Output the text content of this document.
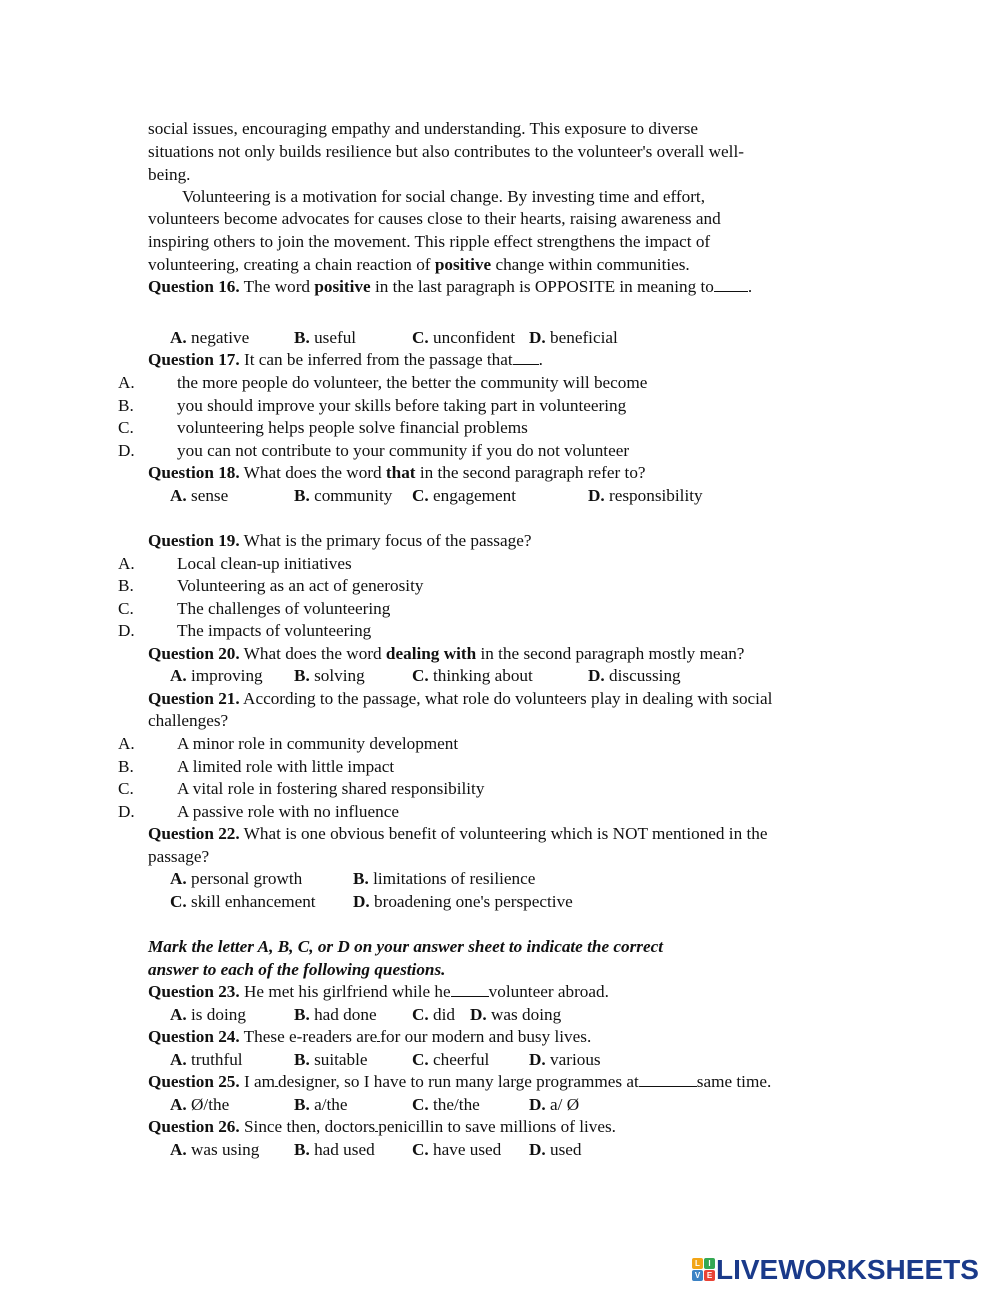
social issues, encouraging empathy and understanding. This exposure to diverse
situations not only builds resilience but also contributes to the volunteer's overall well-
being.
Volunteering is a motivation for social change. By investing time and effort,
volunteers become advocates for causes close to their hearts, raising awareness and
inspiring others to join the movement. This ripple effect strengthens the impact of
volunteering, creating a chain reaction of positive change within communities.
Question 16. The word positive in the last paragraph is OPPOSITE in meaning to .
A. negative	B. useful	C. unconfident D. beneficial
Question 17. It can be inferred from the passage that .
A. the more people do volunteer, the better the community will become
B.	you should improve your skills before taking part in volunteering
C.	volunteering helps people solve financial problems
D. you can not contribute to your community if you do not volunteer
Question 18. What does the word that in the second paragraph refer to?
A. sense	B. community C. engagement	D. responsibility
Question 19. What is the primary focus of the passage?
A. Local clean-up initiatives
B.	Volunteering as an act of generosity
C.	The challenges of volunteering
D. The impacts of volunteering
Question 20. What does the word dealing with in the second paragraph mostly mean?
A. improving B. solving	C. thinking about	D. discussing
Question 21. According to the passage, what role do volunteers play in dealing with social
challenges?
A. A minor role in community development
B.	A limited role with little impact
C.	A vital role in fostering shared responsibility
D. A passive role with no influence
Question 22. What is one obvious benefit of volunteering which is NOT mentioned in the
passage?
A. personal growth	B. limitations of resilience
C. skill enhancement D. broadening one's perspective
Mark the letter A, B, C, or D on your answer sheet to indicate the correct
answer to each of the following questions.
Question 23. He met his girlfriend while he volunteer abroad.
A. is doing	B. had done C. did D. was doing
Question 24. These e-readers are for our modern and busy lives.
A. truthful	B. suitable	C. cheerful D. various
Question 25. I am designer, so I have to run many large programmes at	same time.
A. Ø/the	B. a/the	C. the/the	D. a/ Ø
Question 26. Since then, doctors penicillin to save millions of lives.
A. was using B. had used C. have used D. used
L	I
V E LIVEWORKSHEETS
